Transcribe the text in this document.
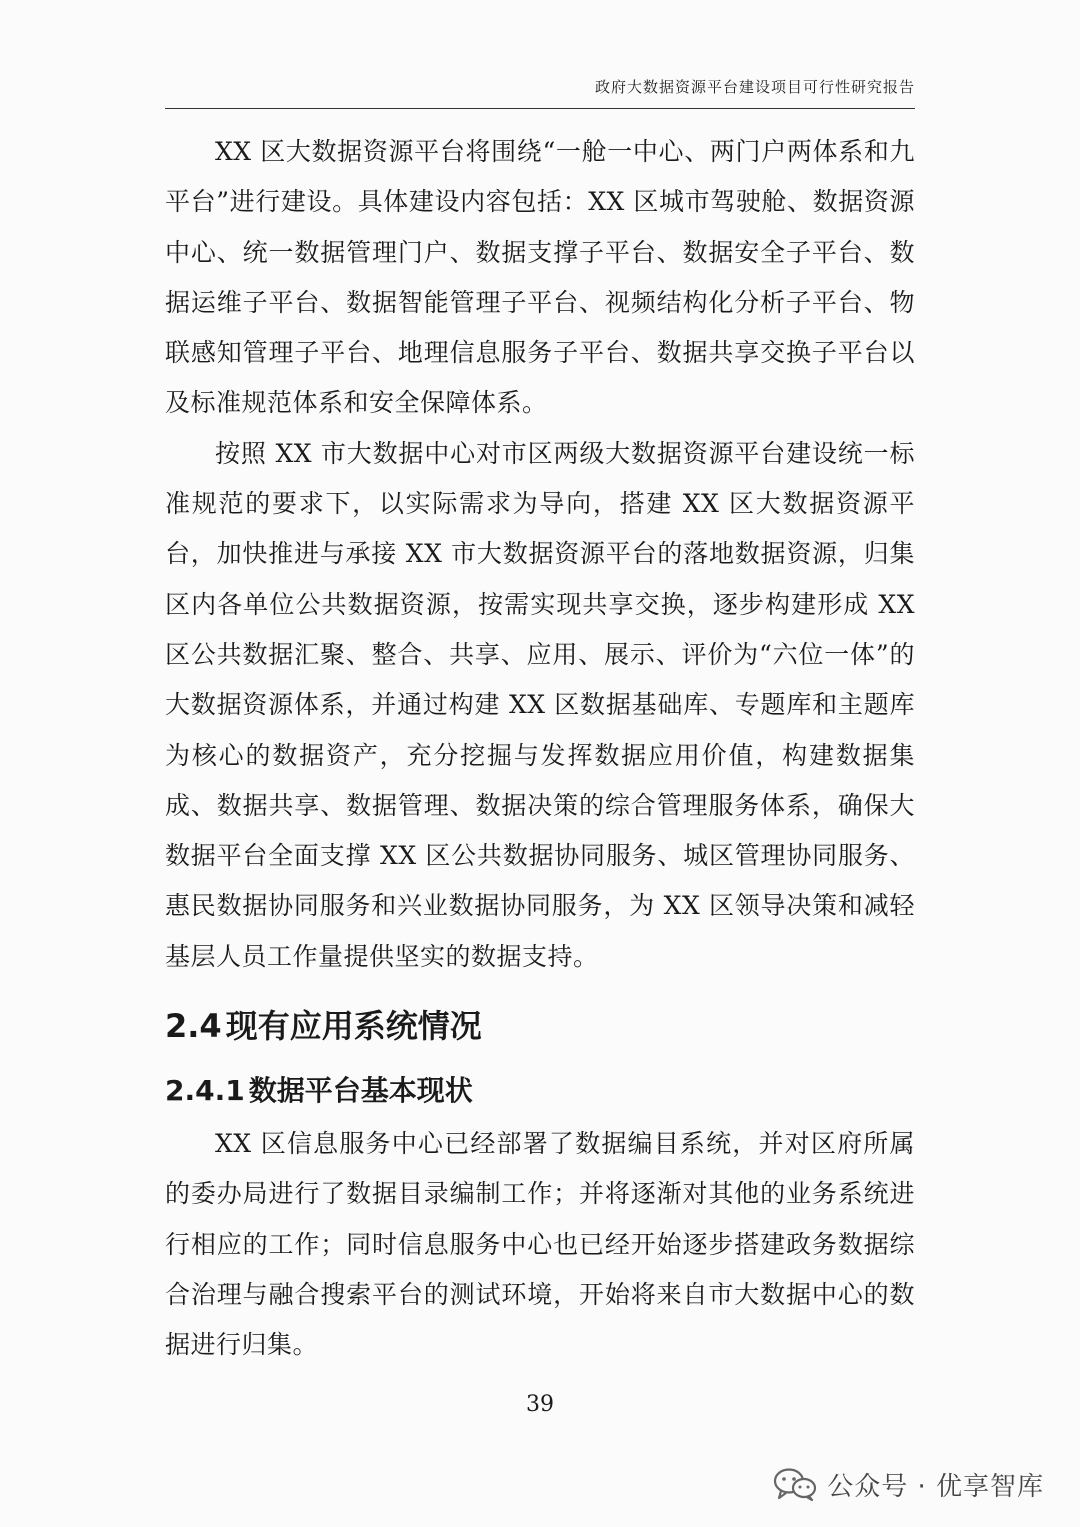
政府大数据资源平台建设项目可行性研究报告

XX 区大数据资源平台将围绕“一舱一中心、两门户两体系和九平台”进行建设。具体建设内容包括：XX 区城市驾驶舱、数据资源中心、统一数据管理门户、数据支撑子平台、数据安全子平台、数据运维子平台、数据智能管理子平台、视频结构化分析子平台、物联感知管理子平台、地理信息服务子平台、数据共享交换子平台以及标准规范体系和安全保障体系。

按照 XX 市大数据中心对市区两级大数据资源平台建设统一标准规范的要求下，以实际需求为导向，搭建 XX 区大数据资源平台，加快推进与承接 XX 市大数据资源平台的落地数据资源，归集区内各单位公共数据资源，按需实现共享交换，逐步构建形成 XX 区公共数据汇聚、整合、共享、应用、展示、评价为“六位一体”的大数据资源体系，并通过构建 XX 区数据基础库、专题库和主题库为核心的数据资产，充分挖掘与发挥数据应用价值，构建数据集成、数据共享、数据管理、数据决策的综合管理服务体系，确保大数据平台全面支撑 XX 区公共数据协同服务、城区管理协同服务、惠民数据协同服务和兴业数据协同服务，为 XX 区领导决策和减轻基层人员工作量提供坚实的数据支持。

2.4 现有应用系统情况
2.4.1 数据平台基本现状

XX 区信息服务中心已经部署了数据编目系统，并对区府所属的委办局进行了数据目录编制工作；并将逐渐对其他的业务系统进行相应的工作；同时信息服务中心也已经开始逐步搭建政务数据综合治理与融合搜索平台的测试环境，开始将来自市大数据中心的数据进行归集。

39
公众号 · 优享智库
